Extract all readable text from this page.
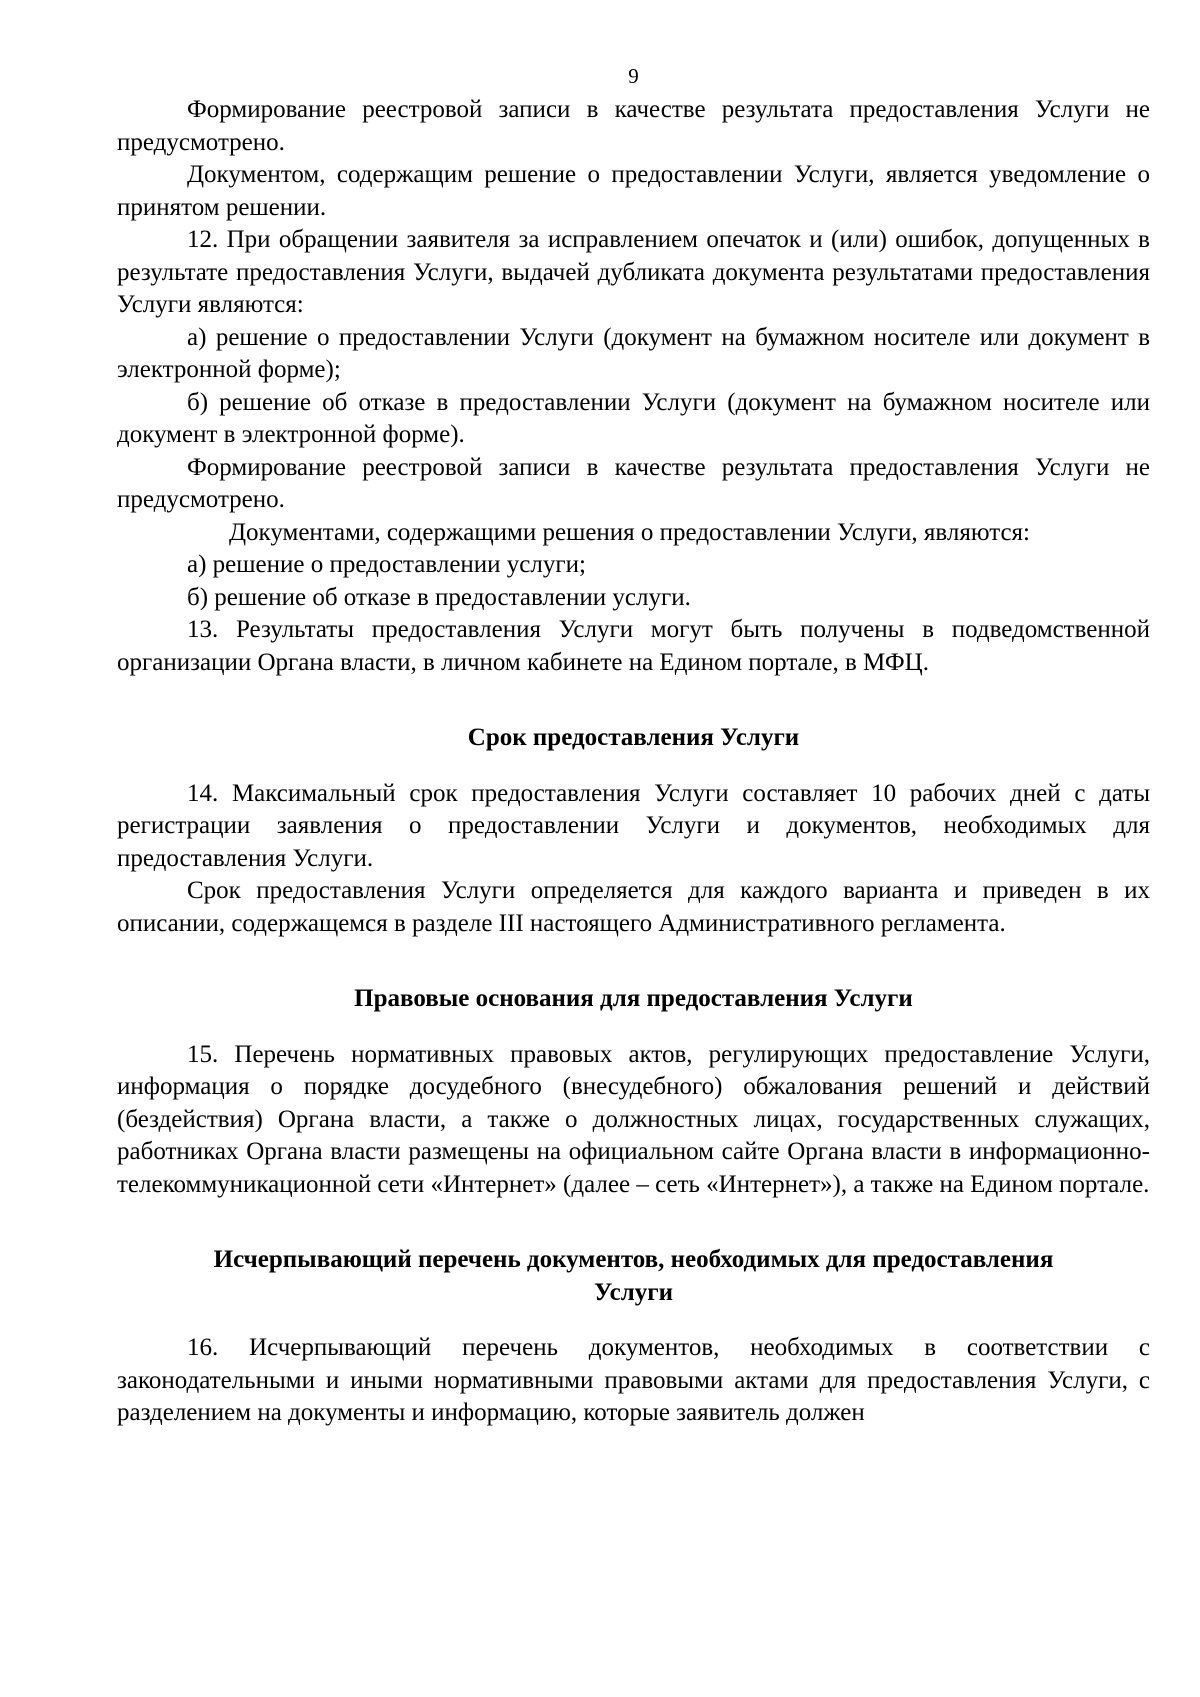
9

Формирование реестровой записи в качестве результата предоставления Услуги не предусмотрено.

Документом, содержащим решение о предоставлении Услуги, является уведомление о принятом решении.

12. При обращении заявителя за исправлением опечаток и (или) ошибок, допущенных в результате предоставления Услуги, выдачей дубликата документа результатами предоставления Услуги являются:

а) решение о предоставлении Услуги (документ на бумажном носителе или документ в электронной форме);

б) решение об отказе в предоставлении Услуги (документ на бумажном носителе или документ в электронной форме).

Формирование реестровой записи в качестве результата предоставления Услуги не предусмотрено.

Документами, содержащими решения о предоставлении Услуги, являются:

а) решение о предоставлении услуги;

б) решение об отказе в предоставлении услуги.

13. Результаты предоставления Услуги могут быть получены в подведомственной организации Органа власти, в личном кабинете на Едином портале, в МФЦ.

Срок предоставления Услуги

14. Максимальный срок предоставления Услуги составляет 10 рабочих дней с даты регистрации заявления о предоставлении Услуги и документов, необходимых для предоставления Услуги.

Срок предоставления Услуги определяется для каждого варианта и приведен в их описании, содержащемся в разделе III настоящего Административного регламента.

Правовые основания для предоставления Услуги

15. Перечень нормативных правовых актов, регулирующих предоставление Услуги, информация о порядке досудебного (внесудебного) обжалования решений и действий (бездействия) Органа власти, а также о должностных лицах, государственных служащих, работниках Органа власти размещены на официальном сайте Органа власти в информационно-телекоммуникационной сети «Интернет» (далее – сеть «Интернет»), а также на Едином портале.

Исчерпывающий перечень документов, необходимых для предоставления
Услуги

16. Исчерпывающий перечень документов, необходимых в соответствии с законодательными и иными нормативными правовыми актами для предоставления Услуги, с разделением на документы и информацию, которые заявитель должен
